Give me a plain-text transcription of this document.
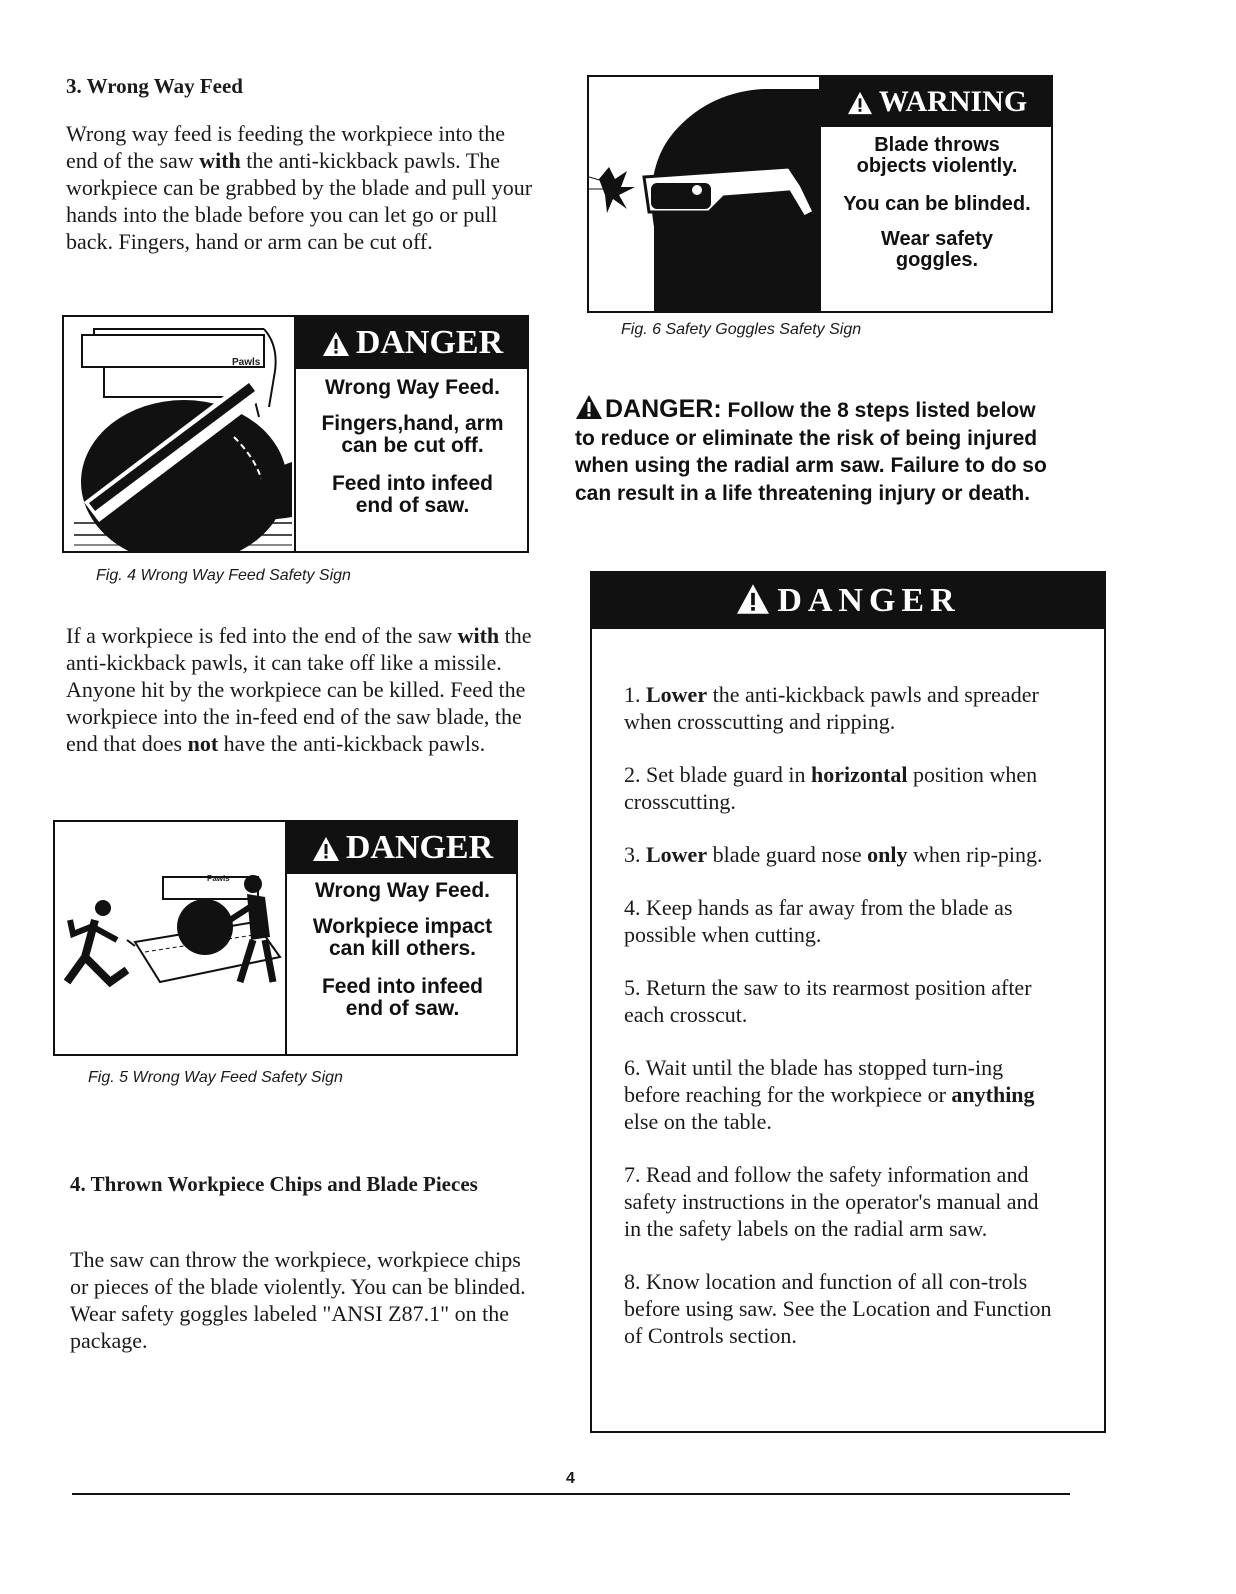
3. Wrong Way Feed
Wrong way feed is feeding the workpiece into the end of the saw with the anti-kickback pawls. The workpiece can be grabbed by the blade and pull your hands into the blade before you can let go or pull back. Fingers, hand or arm can be cut off.
Pawls
DANGER
Wrong Way Feed.
Fingers,hand, arm can be cut off.
Feed into infeed end of saw.
Fig. 4 Wrong Way Feed Safety Sign
If a workpiece is fed into the end of the saw with the anti-kickback pawls, it can take off like a missile. Anyone hit by the workpiece can be killed. Feed the workpiece into the in-feed end of the saw blade, the end that does not have the anti-kickback pawls.
Pawls
DANGER
Wrong Way Feed.
Workpiece impact can kill others.
Feed into infeed end of saw.
Fig. 5 Wrong Way Feed Safety Sign
4. Thrown Workpiece Chips and Blade Pieces
The saw can throw the workpiece, workpiece chips or pieces of the blade violently. You can be blinded. Wear safety goggles labeled "ANSI Z87.1" on the package.
WARNING
Blade throws objects violently.
You can be blinded.
Wear safety goggles.
Fig. 6 Safety Goggles Safety Sign
DANGER: Follow the 8 steps listed below to reduce or eliminate the risk of being injured when using the radial arm saw. Failure to do so can result in a life threatening injury or death.
DANGER

1. Lower the anti-kickback pawls and spreader when crosscutting and ripping.

2. Set blade guard in horizontal position when crosscutting.

3. Lower blade guard nose only when rip-ping.

4. Keep hands as far away from the blade as possible when cutting.

5. Return the saw to its rearmost position after each crosscut.

6. Wait until the blade has stopped turn-ing before reaching for the workpiece or anything else on the table.

7. Read and follow the safety information and safety instructions in the operator's manual and in the safety labels on the radial arm saw.

8. Know location and function of all con-trols before using saw. See the Location and Function of Controls section.

4
